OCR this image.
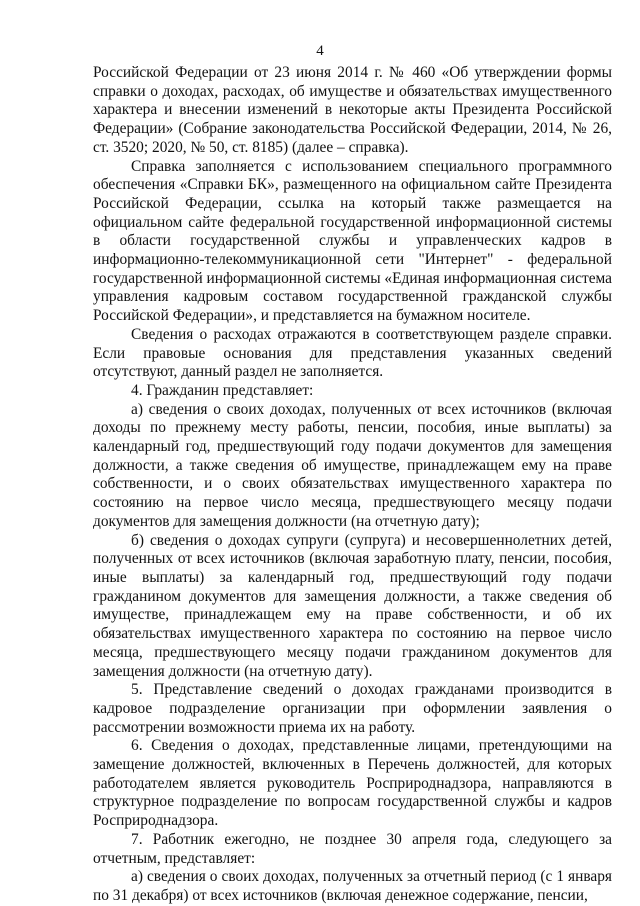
4

Российской Федерации от 23 июня 2014 г. № 460 «Об утверждении формы справки о доходах, расходах, об имуществе и обязательствах имущественного характера и внесении изменений в некоторые акты Президента Российской Федерации» (Собрание законодательства Российской Федерации, 2014, № 26, ст. 3520; 2020, № 50, ст. 8185) (далее – справка).

Справка заполняется с использованием специального программного обеспечения «Справки БК», размещенного на официальном сайте Президента Российской Федерации, ссылка на который также размещается на официальном сайте федеральной государственной информационной системы в области государственной службы и управленческих кадров в информационно-телекоммуникационной сети "Интернет" - федеральной государственной информационной системы «Единая информационная система управления кадровым составом государственной гражданской службы Российской Федерации», и представляется на бумажном носителе.

Сведения о расходах отражаются в соответствующем разделе справки. Если правовые основания для представления указанных сведений отсутствуют, данный раздел не заполняется.

4. Гражданин представляет:

а) сведения о своих доходах, полученных от всех источников (включая доходы по прежнему месту работы, пенсии, пособия, иные выплаты) за календарный год, предшествующий году подачи документов для замещения должности, а также сведения об имуществе, принадлежащем ему на праве собственности, и о своих обязательствах имущественного характера по состоянию на первое число месяца, предшествующего месяцу подачи документов для замещения должности (на отчетную дату);

б) сведения о доходах супруги (супруга) и несовершеннолетних детей, полученных от всех источников (включая заработную плату, пенсии, пособия, иные выплаты) за календарный год, предшествующий году подачи гражданином документов для замещения должности, а также сведения об имуществе, принадлежащем ему на праве собственности, и об их обязательствах имущественного характера по состоянию на первое число месяца, предшествующего месяцу подачи гражданином документов для замещения должности (на отчетную дату).

5. Представление сведений о доходах гражданами производится в кадровое подразделение организации при оформлении заявления о рассмотрении возможности приема их на работу.

6. Сведения о доходах, представленные лицами, претендующими на замещение должностей, включенных в Перечень должностей, для которых работодателем является руководитель Росприроднадзора, направляются в структурное подразделение по вопросам государственной службы и кадров Росприроднадзора.

7. Работник ежегодно, не позднее 30 апреля года, следующего за отчетным, представляет:

а) сведения о своих доходах, полученных за отчетный период (с 1 января по 31 декабря) от всех источников (включая денежное содержание, пенсии,
